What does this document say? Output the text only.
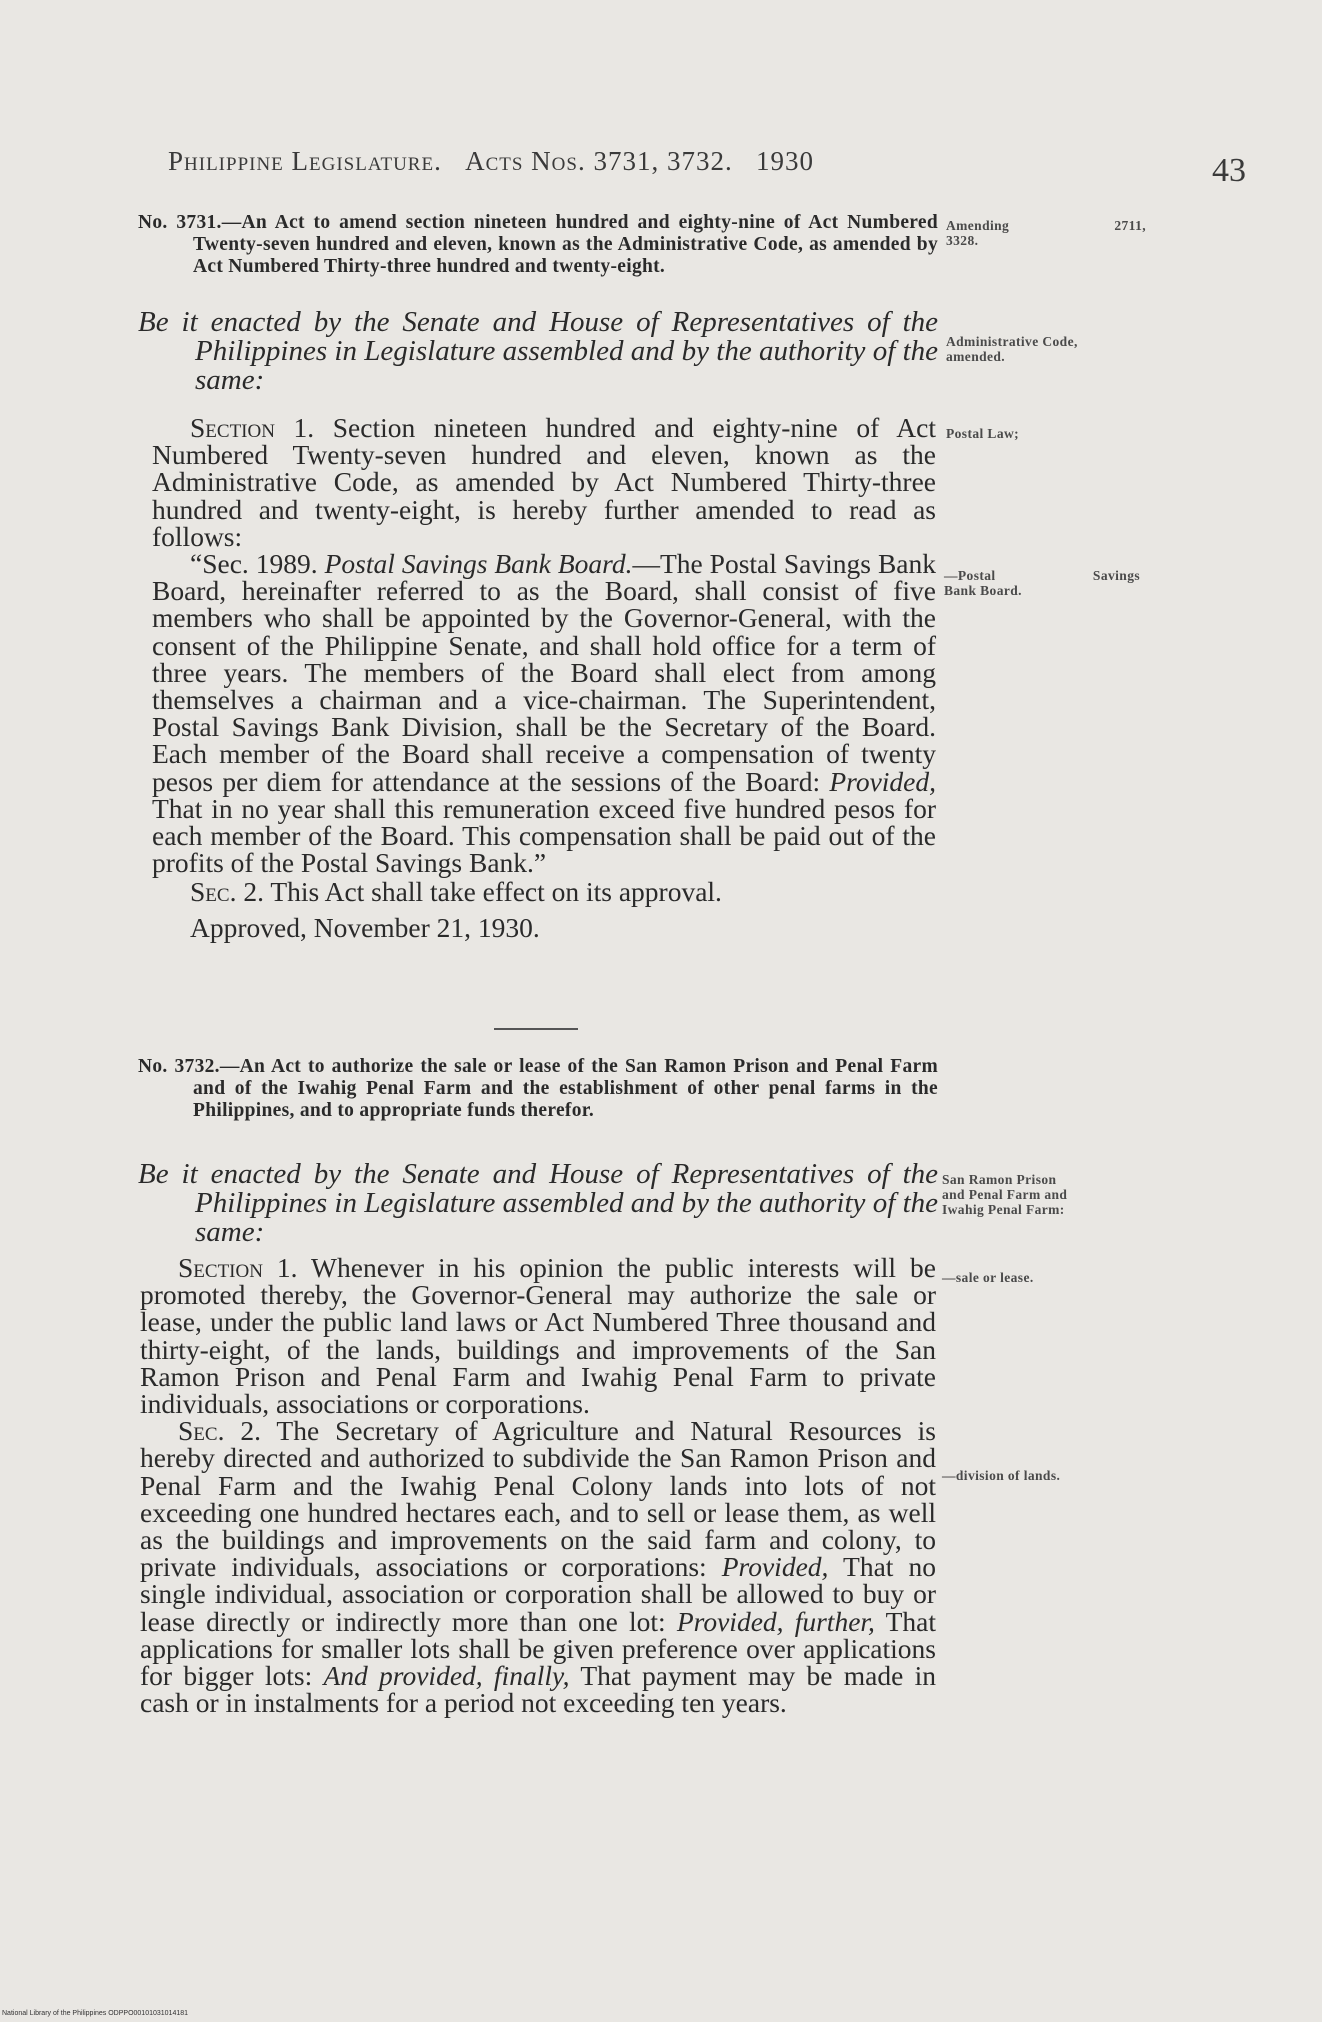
Philippine Legislature. Acts Nos. 3731, 3732. 1930	43

No. 3731.—An Act to amend section nineteen hundred and eighty-nine of Act Numbered Twenty-seven hundred and eleven, known as the Administrative Code, as amended by Act Numbered Thirty-three hundred and twenty-eight.

Be it enacted by the Senate and House of Representatives of the Philippines in Legislature assembled and by the authority of the same:

Section 1. Section nineteen hundred and eighty-nine of Act Numbered Twenty-seven hundred and eleven, known as the Administrative Code, as amended by Act Numbered Thirty-three hundred and twenty-eight, is hereby further amended to read as follows:

“Sec. 1989. Postal Savings Bank Board.—The Postal Savings Bank Board, hereinafter referred to as the Board, shall consist of five members who shall be appointed by the Governor-General, with the consent of the Philippine Senate, and shall hold office for a term of three years. The members of the Board shall elect from among themselves a chairman and a vice-chairman. The Superintendent, Postal Savings Bank Division, shall be the Secretary of the Board. Each member of the Board shall receive a compensation of twenty pesos per diem for attendance at the sessions of the Board: Provided, That in no year shall this remuneration exceed five hundred pesos for each member of the Board. This compensation shall be paid out of the profits of the Postal Savings Bank.”

Sec. 2. This Act shall take effect on its approval.

Approved, November 21, 1930.

No. 3732.—An Act to authorize the sale or lease of the San Ramon Prison and Penal Farm and of the Iwahig Penal Farm and the establishment of other penal farms in the Philippines, and to appropriate funds therefor.

Be it enacted by the Senate and House of Representatives of the Philippines in Legislature assembled and by the authority of the same:

Section 1. Whenever in his opinion the public interests will be promoted thereby, the Governor-General may authorize the sale or lease, under the public land laws or Act Numbered Three thousand and thirty-eight, of the lands, buildings and improvements of the San Ramon Prison and Penal Farm and Iwahig Penal Farm to private individuals, associations or corporations.

Sec. 2. The Secretary of Agriculture and Natural Resources is hereby directed and authorized to subdivide the San Ramon Prison and Penal Farm and the Iwahig Penal Colony lands into lots of not exceeding one hundred hectares each, and to sell or lease them, as well as the buildings and improvements on the said farm and colony, to private individuals, associations or corporations: Provided, That no single individual, association or corporation shall be allowed to buy or lease directly or indirectly more than one lot: Provided, further, That applications for smaller lots shall be given preference over applications for bigger lots: And provided, finally, That payment may be made in cash or in instalments for a period not exceeding ten years.

Amending	2711,
3328.
Administrative Code,
amended.
Postal Law;
—Postal	Savings
Bank Board.
San Ramon Prison
and Penal Farm and
Iwahig Penal Farm:
—sale or lease.
—division of lands.
National Library of the Philippines ODPPO00101031014181
